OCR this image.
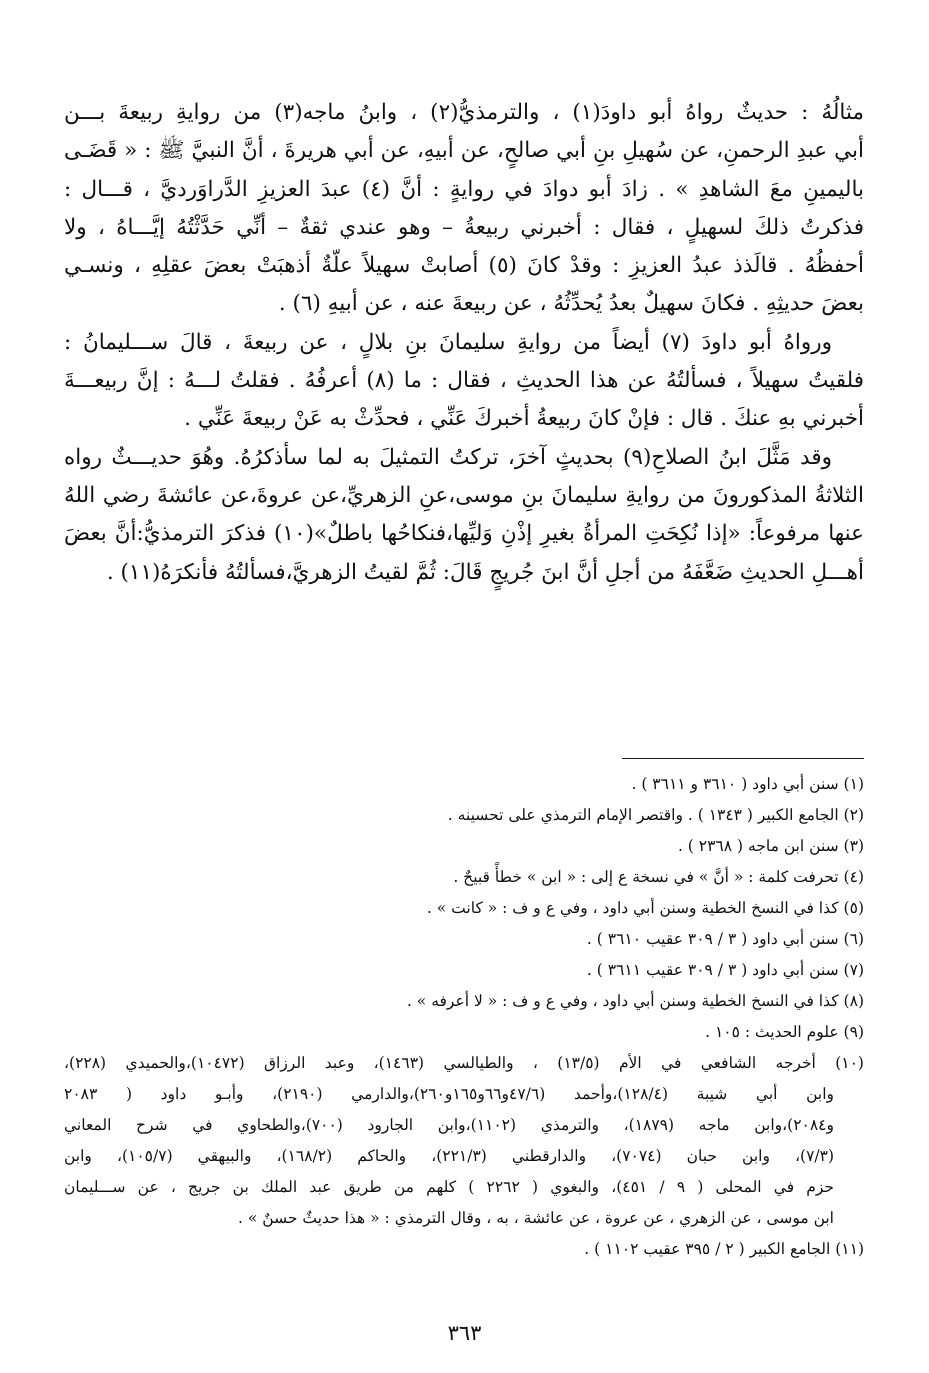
مثالُهُ : حديثٌ رواهُ أبو داودَ(١) ، والترمذيُّ(٢) ، وابنُ ماجه(٣) من روايةِ ربيعةَ بـــن
أبي عبدِ الرحمنِ، عن سُهيلِ بنِ أبي صالحٍ، عن أبيهِ، عن أبي هريرةَ ، أنَّ النبيَّ ﷺ : « قَضَـى
باليمينِ معَ الشاهدِ » . زادَ أبو دوادَ في روايةٍ : أنَّ (٤) عبدَ العزيزِ الدَّراوَرديَّ ، قـــال :
فذكرتُ ذلكَ لسهيلٍ ، فقال : أخبرني ربيعةُ – وهو عندي ثقةٌ – أنِّي حَدَّثْتُهُ إيَّـــاهُ ، ولا
أحفظُهُ . قالَذذ عبدُ العزيزِ : وقدْ كانَ (٥) أصابتْ سهيلاً علّةٌ أذهبَتْ بعضَ عقلِهِ ، ونسـي
بعضَ حديثِهِ . فكانَ سهيلٌ بعدُ يُحدِّثُهُ ، عن ربيعةَ عنه ، عن أبيهِ (٦) .

ورواهُ أبو داودَ (٧) أيضاً من روايةِ سليمانَ بنِ بلالٍ ، عن ربيعةَ ، قالَ ســـليمانُ :
فلقيتُ سهيلاً ، فسألتُهُ عن هذا الحديثِ ، فقال : ما (٨) أعرفُهُ . فقلتُ لـــهُ : إنَّ ربيعـــةَ
أخبرني بهِ عنكَ . قال : فإنْ كانَ ربيعةُ أخبركَ عَنِّي ، فحدِّثْ به عَنْ ربيعةَ عَنِّي .

وقد مَثَّلَ ابنُ الصلاحِ(٩) بحديثٍ آخرَ، تركتُ التمثيلَ به لما سأذكرُهُ. وهُوَ حديـــثٌ رواه
الثلاثةُ المذكورونَ من روايةِ سليمانَ بنِ موسى،عنِ الزهريِّ،عن عروةَ،عن عائشةَ رضي اللهُ
عنها مرفوعاً: «إذا نُكِحَتِ المرأةُ بغيرِ إذْنِ وَليِّها،فنكاحُها باطلٌ»(١٠) فذكرَ الترمذيُّ:أنَّ بعضَ
أهـــلِ الحديثِ ضَعَّفَهُ من أجلِ أنَّ ابنَ جُريجٍ قَالَ: ثُمَّ لقيتُ الزهريَّ،فسألتُهُ فأنكرَهُ(١١) .

(١) سنن أبي داود ( ٣٦١٠ و ٣٦١١ ) .
(٢) الجامع الكبير ( ١٣٤٣ ) . واقتصر الإمام الترمذي على تحسينه .
(٣) سنن ابن ماجه ( ٢٣٦٨ ) .
(٤) تحرفت كلمة : « أنَّ » في نسخة ع إلى : « ابن » خطأً قبيحٌ .
(٥) كذا في النسخ الخطية وسنن أبي داود ، وفي ع و ف : « كانت » .
(٦) سنن أبي داود ( ٣ / ٣٠٩ عقيب ٣٦١٠ ) .
(٧) سنن أبي داود ( ٣ / ٣٠٩ عقيب ٣٦١١ ) .
(٨) كذا في النسخ الخطية وسنن أبي داود ، وفي ع و ف : « لا أعرفه » .
(٩) علوم الحديث : ١٠٥ .
(١٠) أخرجه الشافعي في الأم (١٣/٥) ، والطيالسي (١٤٦٣)، وعبد الرزاق (١٠٤٧٢)،والحميدي (٢٢٨)،
وابن أبي شيبة (١٢٨/٤)،وأحمد (٤٧/٦و٦٦و١٦٥و٢٦٠)،والدارمي (٢١٩٠)، وأبـو داود ( ٢٠٨٣
و٢٠٨٤)،وابن ماجه (١٨٧٩)، والترمذي (١١٠٢)،وابن الجارود (٧٠٠)،والطحاوي في شرح المعاني
(٧/٣)، وابن حبان (٧٠٧٤)، والدارقطني (٢٢١/٣)، والحاكم (١٦٨/٢)، والبيهقي (١٠٥/٧)، وابن
حزم في المحلى ( ٩ / ٤٥١)، والبغوي ( ٢٢٦٢ ) كلهم من طريق عبد الملك بن جريج ، عن ســـليمان
ابن موسى ، عن الزهري ، عن عروة ، عن عائشة ، به ، وقال الترمذي : « هذا حديثٌ حسنٌ » .
(١١) الجامع الكبير ( ٢ / ٣٩٥ عقيب ١١٠٢ ) .
٣٦٣
